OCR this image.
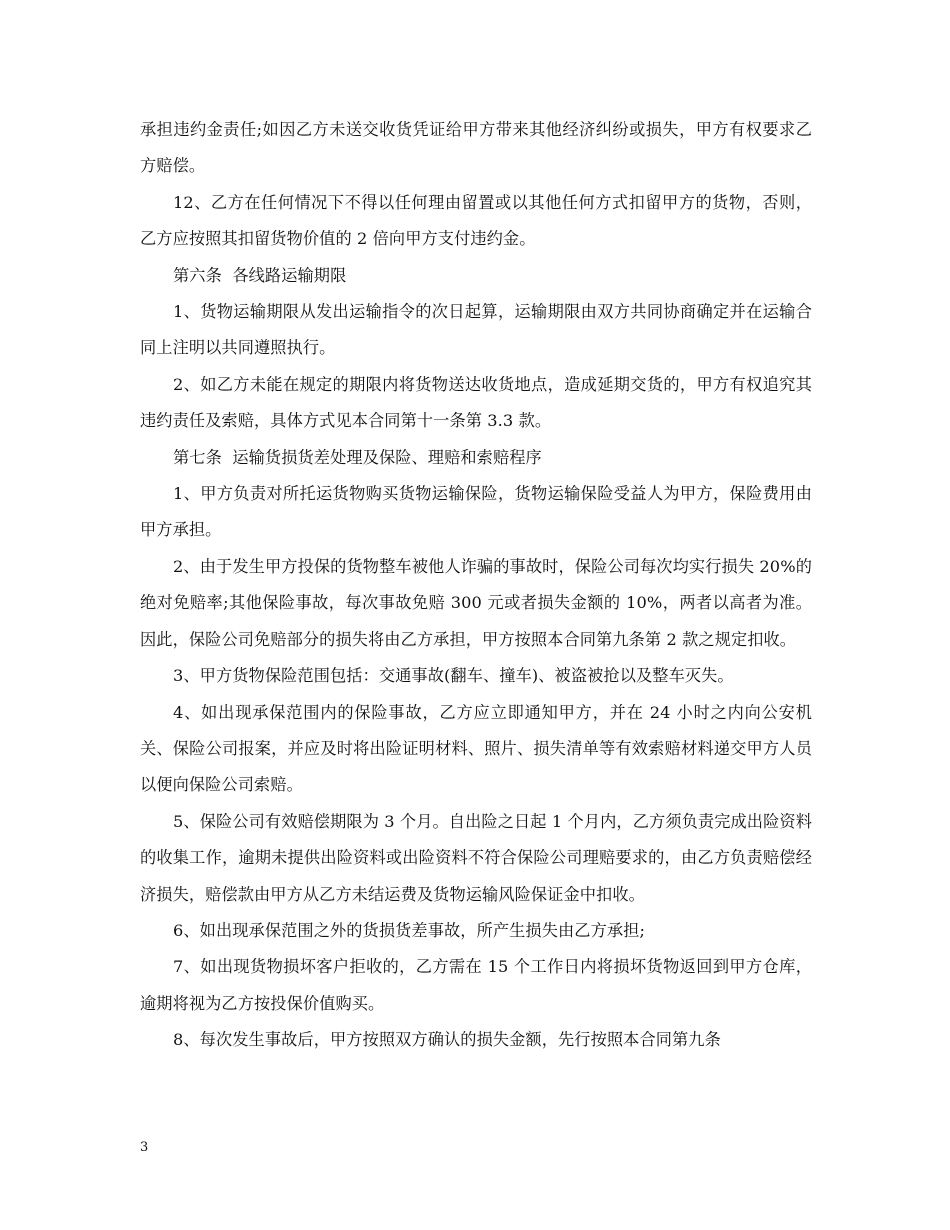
承担违约金责任;如因乙方未送交收货凭证给甲方带来其他经济纠纷或损失，甲方有权要求乙方赔偿。

12、乙方在任何情况下不得以任何理由留置或以其他任何方式扣留甲方的货物，否则，乙方应按照其扣留货物价值的 2 倍向甲方支付违约金。

第六条  各线路运输期限

1、货物运输期限从发出运输指令的次日起算，运输期限由双方共同协商确定并在运输合同上注明以共同遵照执行。

2、如乙方未能在规定的期限内将货物送达收货地点，造成延期交货的，甲方有权追究其违约责任及索赔，具体方式见本合同第十一条第 3.3 款。

第七条  运输货损货差处理及保险、理赔和索赔程序

1、甲方负责对所托运货物购买货物运输保险，货物运输保险受益人为甲方，保险费用由甲方承担。

2、由于发生甲方投保的货物整车被他人诈骗的事故时，保险公司每次均实行损失 20%的绝对免赔率;其他保险事故，每次事故免赔 300 元或者损失金额的 10%，两者以高者为准。因此，保险公司免赔部分的损失将由乙方承担，甲方按照本合同第九条第 2 款之规定扣收。

3、甲方货物保险范围包括：交通事故(翻车、撞车)、被盗被抢以及整车灭失。

4、如出现承保范围内的保险事故，乙方应立即通知甲方，并在 24 小时之内向公安机关、保险公司报案，并应及时将出险证明材料、照片、损失清单等有效索赔材料递交甲方人员以便向保险公司索赔。

5、保险公司有效赔偿期限为 3 个月。自出险之日起 1 个月内，乙方须负责完成出险资料的收集工作，逾期未提供出险资料或出险资料不符合保险公司理赔要求的，由乙方负责赔偿经济损失，赔偿款由甲方从乙方未结运费及货物运输风险保证金中扣收。

6、如出现承保范围之外的货损货差事故，所产生损失由乙方承担;

7、如出现货物损坏客户拒收的，乙方需在 15 个工作日内将损坏货物返回到甲方仓库，逾期将视为乙方按投保价值购买。

8、每次发生事故后，甲方按照双方确认的损失金额，先行按照本合同第九条

3
